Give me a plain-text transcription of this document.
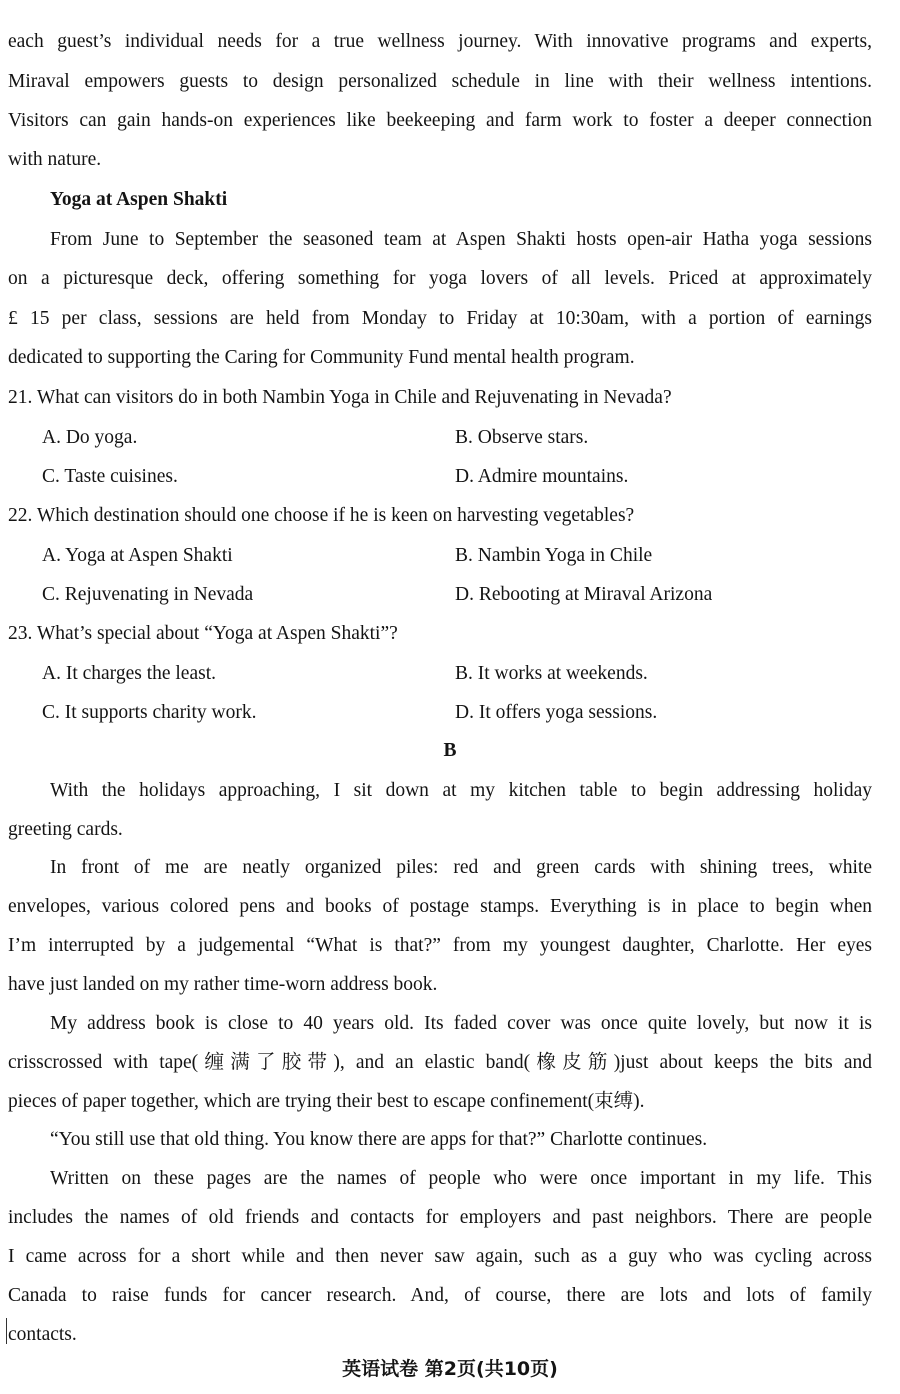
each guest’s individual needs for a true wellness journey. With innovative programs and experts,
Miraval empowers guests to design personalized schedule in line with their wellness intentions.
Visitors can gain hands-on experiences like beekeeping and farm work to foster a deeper connection
with nature.
Yoga at Aspen Shakti
From June to September the seasoned team at Aspen Shakti hosts open-air Hatha yoga sessions
on a picturesque deck, offering something for yoga lovers of all levels. Priced at approximately
£ 15 per class, sessions are held from Monday to Friday at 10:30am, with a portion of earnings
dedicated to supporting the Caring for Community Fund mental health program.
21. What can visitors do in both Nambin Yoga in Chile and Rejuvenating in Nevada?
A. Do yoga.	B. Observe stars.
C. Taste cuisines.	D. Admire mountains.
22. Which destination should one choose if he is keen on harvesting vegetables?
A. Yoga at Aspen Shakti	B. Nambin Yoga in Chile
C. Rejuvenating in Nevada	D. Rebooting at Miraval Arizona
23. What’s special about “Yoga at Aspen Shakti”?
A. It charges the least.	B. It works at weekends.
C. It supports charity work.	D. It offers yoga sessions.
B
With the holidays approaching, I sit down at my kitchen table to begin addressing holiday
greeting cards.
In front of me are neatly organized piles: red and green cards with shining trees, white
envelopes, various colored pens and books of postage stamps. Everything is in place to begin when
I’m interrupted by a judgemental “What is that?” from my youngest daughter, Charlotte. Her eyes
have just landed on my rather time-worn address book.
My address book is close to 40 years old. Its faded cover was once quite lovely, but now it is
crisscrossed with tape(缠满了胶带), and an elastic band(橡皮筋)just about keeps the bits and
pieces of paper together, which are trying their best to escape confinement(束缚).
“You still use that old thing. You know there are apps for that?” Charlotte continues.
Written on these pages are the names of people who were once important in my life. This
includes the names of old friends and contacts for employers and past neighbors. There are people
I came across for a short while and then never saw again, such as a guy who was cycling across
Canada to raise funds for cancer research. And, of course, there are lots and lots of family
contacts.
英语试卷 第2页(共10页)
